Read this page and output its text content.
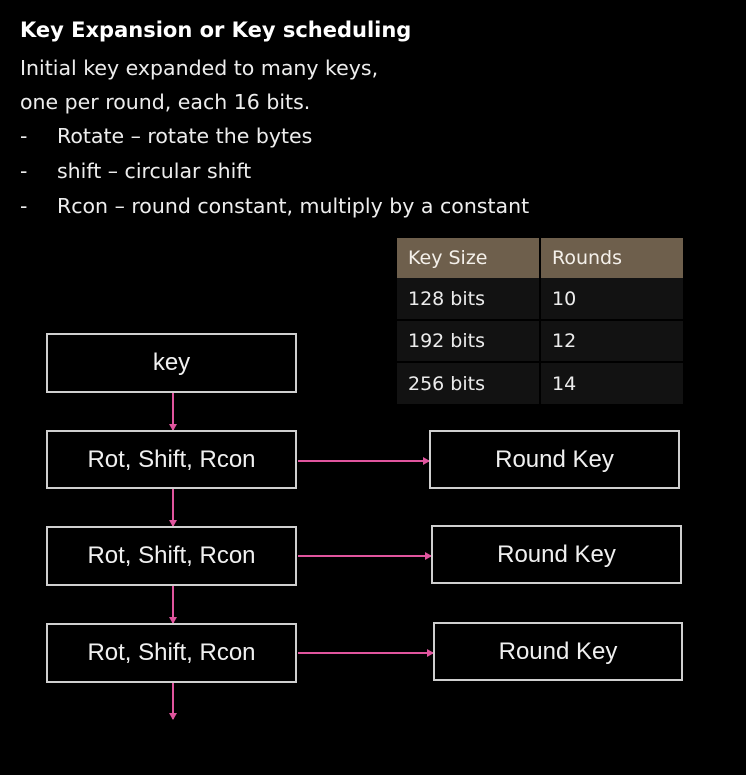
Key Expansion or Key scheduling
Initial key expanded to many keys,
one per round, each 16 bits.
- Rotate – rotate the bytes
- shift – circular shift
- Rcon – round constant, multiply by a constant
Key Size	Rounds
128 bits	10
192 bits	12
256 bits	14
key
Rot, Shift, Rcon
Rot, Shift, Rcon
Rot, Shift, Rcon
Round Key
Round Key
Round Key
